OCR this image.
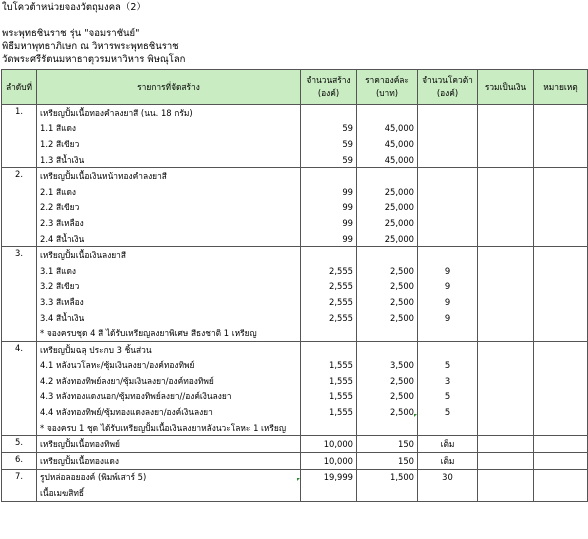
ใบโควต้าหน่วยจองวัตถุมงคล（2）
พระพุทธชินราช รุ่น "จอมราชันย์"
พิธีมหาพุทธาภิเษก ณ วิหารพระพุทธชินราช
วัดพระศรีรัตนมหาธาตุวรมหาวิหาร พิษณุโลก
ลำดับที่	รายการที่จัดสร้าง	จำนวนสร้าง (องค์)	ราคาองค์ละ (บาท)	จำนวนโควต้า (องค์)	รวมเป็นเงิน	หมายเหตุ
1.	เหรียญปั้มเนื้อทองคำลงยาสี (นน. 18 กรัม)					
	1.1 สีแดง	59	45,000			
	1.2 สีเขียว	59	45,000			
	1.3 สีน้ำเงิน	59	45,000			
2.	เหรียญปั้มเนื้อเงินหน้าทองคำลงยาสี					
	2.1 สีแดง	99	25,000			
	2.2 สีเขียว	99	25,000			
	2.3 สีเหลือง	99	25,000			
	2.4 สีน้ำเงิน	99	25,000			
3.	เหรียญปั้มเนื้อเงินลงยาสี					
	3.1 สีแดง	2,555	2,500	9		
	3.2 สีเขียว	2,555	2,500	9		
	3.3 สีเหลือง	2,555	2,500	9		
	3.4 สีน้ำเงิน	2,555	2,500	9		
	* จองครบชุด 4 สี ได้รับเหรียญลงยาพิเศษ สีธงชาติ 1 เหรียญ					
4.	เหรียญปั้มฉลุ ประกบ 3 ชิ้นส่วน					
	4.1 หลังนวโลหะ/ซุ้มเงินลงยา/องค์ทองทิพย์	1,555	3,500	5		
	4.2 หลังทองทิพย์ลงยา/ซุ้มเงินลงยา/องค์ทองทิพย์	1,555	2,500	3		
	4.3 หลังทองแดงนอก/ซุ้มทองทิพย์ลงยา//องค์เงินลงยา	1,555	2,500	5		
	4.4 หลังทองทิพย์/ซุ้มทองแดงลงยา/องค์เงินลงยา	1,555	2,500	5		
	* จองครบ 1 ชุด ได้รับเหรียญปั้มเนื้อเงินลงยาหลังนวะโลหะ 1 เหรียญ					
5.	เหรียญปั้มเนื้อทองทิพย์	10,000	150	เต็ม		
6.	เหรียญปั้มเนื้อทองแดง	10,000	150	เต็ม		
7.	รูปหล่อลอยองค์ (พิมพ์เสาร์ 5)	19,999	1,500	30		
	เนื้อเมฆสิทธิ์					
